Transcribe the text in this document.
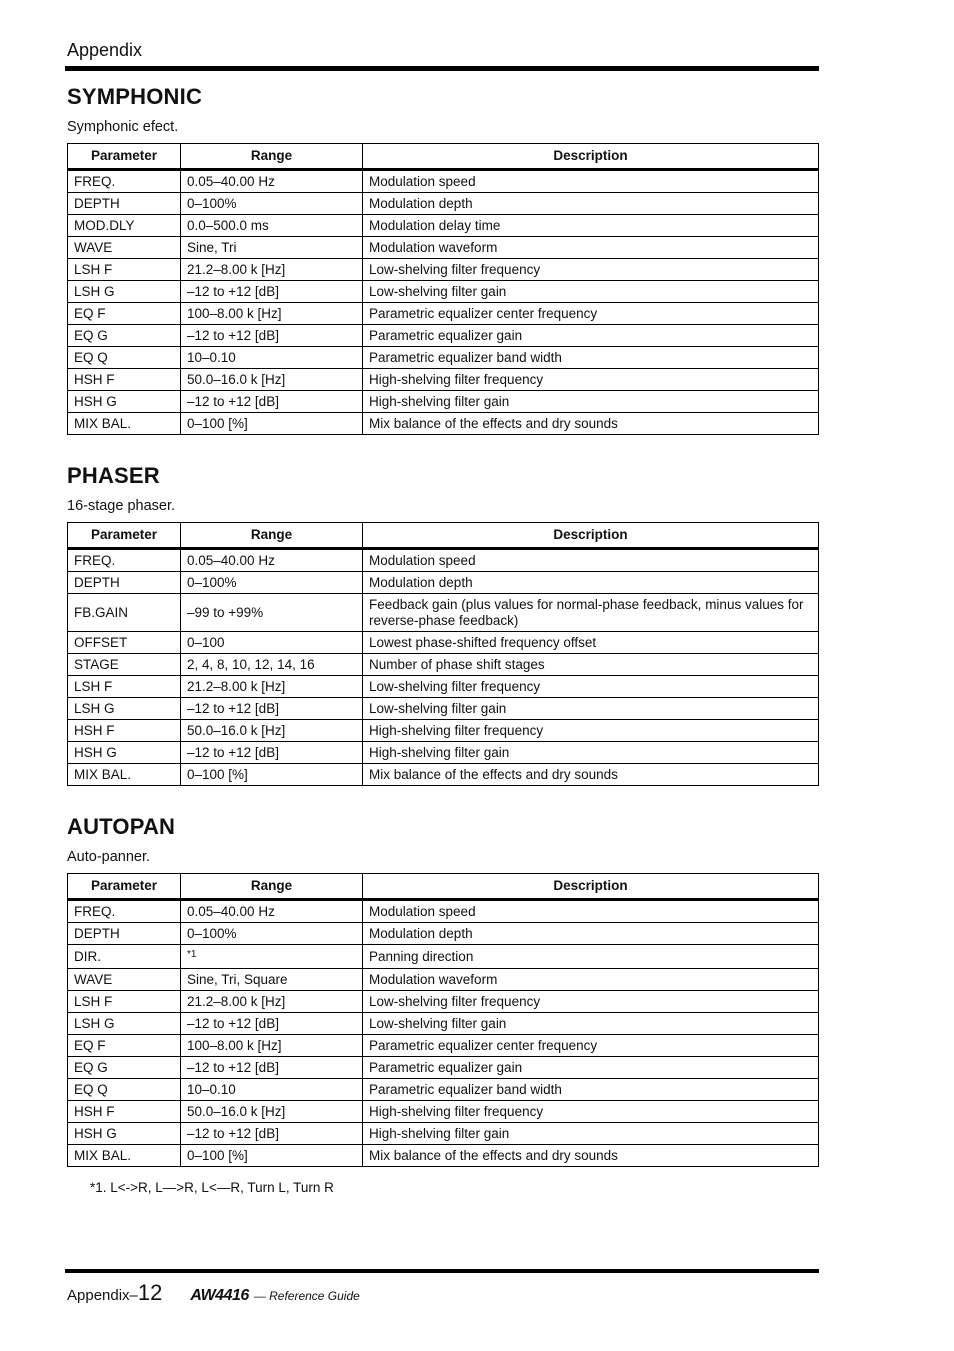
Appendix
SYMPHONIC
Symphonic efect.
Parameter	Range	Description
FREQ.	0.05–40.00 Hz	Modulation speed
DEPTH	0–100%	Modulation depth
MOD.DLY	0.0–500.0 ms	Modulation delay time
WAVE	Sine, Tri	Modulation waveform
LSH F	21.2–8.00 k [Hz]	Low-shelving filter frequency
LSH G	–12 to +12 [dB]	Low-shelving filter gain
EQ F	100–8.00 k [Hz]	Parametric equalizer center frequency
EQ G	–12 to +12 [dB]	Parametric equalizer gain
EQ Q	10–0.10	Parametric equalizer band width
HSH F	50.0–16.0 k [Hz]	High-shelving filter frequency
HSH G	–12 to +12 [dB]	High-shelving filter gain
MIX BAL.	0–100 [%]	Mix balance of the effects and dry sounds
PHASER
16-stage phaser.
Parameter	Range	Description
FREQ.	0.05–40.00 Hz	Modulation speed
DEPTH	0–100%	Modulation depth
FB.GAIN	–99 to +99%	Feedback gain (plus values for normal-phase feedback, minus values for reverse-phase feedback)
OFFSET	0–100	Lowest phase-shifted frequency offset
STAGE	2, 4, 8, 10, 12, 14, 16	Number of phase shift stages
LSH F	21.2–8.00 k [Hz]	Low-shelving filter frequency
LSH G	–12 to +12 [dB]	Low-shelving filter gain
HSH F	50.0–16.0 k [Hz]	High-shelving filter frequency
HSH G	–12 to +12 [dB]	High-shelving filter gain
MIX BAL.	0–100 [%]	Mix balance of the effects and dry sounds
AUTOPAN
Auto-panner.
Parameter	Range	Description
FREQ.	0.05–40.00 Hz	Modulation speed
DEPTH	0–100%	Modulation depth
DIR.	*1	Panning direction
WAVE	Sine, Tri, Square	Modulation waveform
LSH F	21.2–8.00 k [Hz]	Low-shelving filter frequency
LSH G	–12 to +12 [dB]	Low-shelving filter gain
EQ F	100–8.00 k [Hz]	Parametric equalizer center frequency
EQ G	–12 to +12 [dB]	Parametric equalizer gain
EQ Q	10–0.10	Parametric equalizer band width
HSH F	50.0–16.0 k [Hz]	High-shelving filter frequency
HSH G	–12 to +12 [dB]	High-shelving filter gain
MIX BAL.	0–100 [%]	Mix balance of the effects and dry sounds
*1. L<->R, L—>R, L<—R, Turn L, Turn R
Appendix– 12 AW4416 — Reference Guide
